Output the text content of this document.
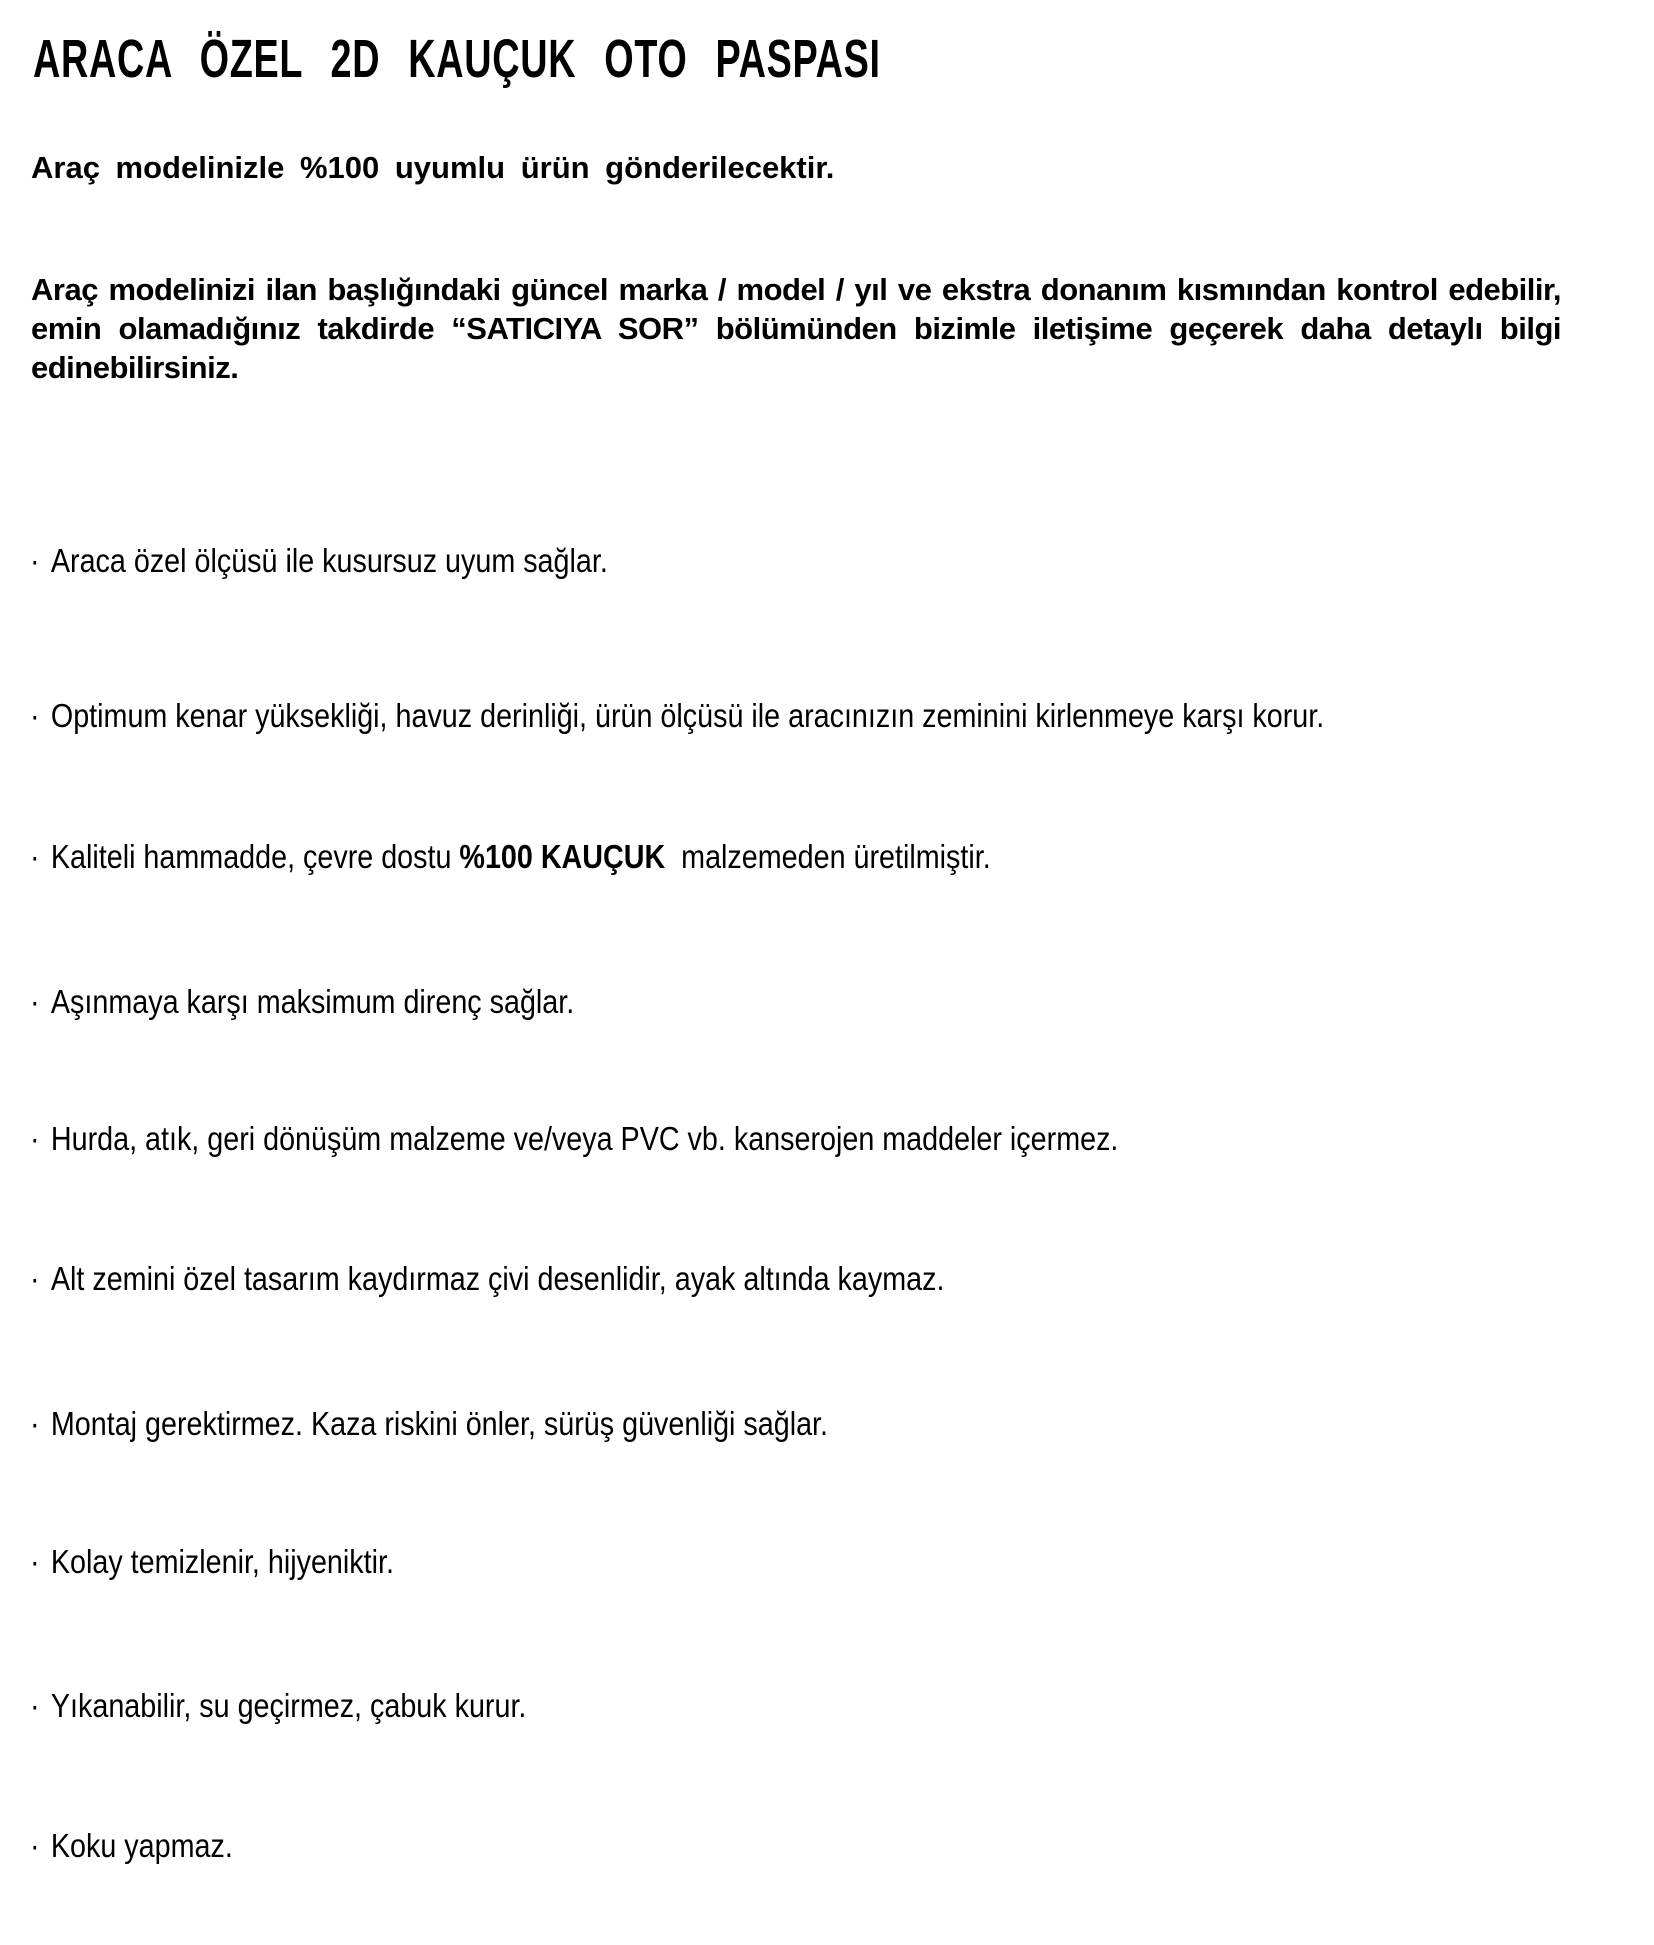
ARACA ÖZEL 2D KAUÇUK OTO PASPASI
Araç modelinizle %100 uyumlu ürün gönderilecektir.
Araç modelinizi ilan başlığındaki güncel marka / model / yıl ve ekstra donanım kısmından kontrol edebilir, emin olamadığınız takdirde “SATICIYA SOR” bölümünden bizimle iletişime geçerek daha detaylı bilgi edinebilirsiniz.
· Araca özel ölçüsü ile kusursuz uyum sağlar.
· Optimum kenar yüksekliği, havuz derinliği, ürün ölçüsü ile aracınızın zeminini kirlenmeye karşı korur.
· Kaliteli hammadde, çevre dostu %100 KAUÇUK  malzemeden üretilmiştir.
· Aşınmaya karşı maksimum direnç sağlar.
· Hurda, atık, geri dönüşüm malzeme ve/veya PVC vb. kanserojen maddeler içermez.
· Alt zemini özel tasarım kaydırmaz çivi desenlidir, ayak altında kaymaz.
· Montaj gerektirmez. Kaza riskini önler, sürüş güvenliği sağlar.
· Kolay temizlenir, hijyeniktir.
· Yıkanabilir, su geçirmez, çabuk kurur.
· Koku yapmaz.
